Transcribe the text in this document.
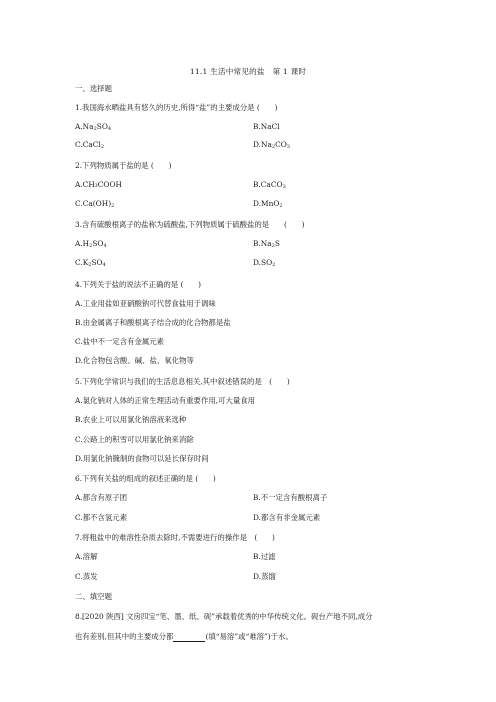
11.1 生活中常见的盐　第 1 课时
一、选择题
1.我国海水晒盐具有悠久的历史,所得“盐”的主要成分是 (　　)
$A.Na_2SO_4$	B.NaCl
C.CaCl$_2$	$D.Na_2CO_3$
2.下列物质属于盐的是 (　　)
A.CH₃COOH	B.CaCO$_3$
$C.Ca(OH)_2$	D.MnO$_2$
3.含有硫酸根离子的盐称为硫酸盐,下列物质属于硫酸盐的是　　(　　)
$A.H_2SO_4$	$B.Na_2S$
$C.K_2SO_4$	$D.SO_2$
4.下列关于盐的说法不正确的是 (　　)
A.工业用盐如亚硝酸钠可代替食盐用于调味
B.由金属离子和酸根离子结合成的化合物都是盐
C.盐中不一定含有金属元素
D.化合物包含酸、碱、盐、氧化物等
5.下列化学常识与我们的生活息息相关,其中叙述错误的是　(　　)
A.氯化钠对人体的正常生理活动有重要作用,可大量食用
B.农业上可以用氯化钠溶液来选种
C.公路上的积雪可以用氯化钠来消除
D.用氯化钠腌制的食物可以延长保存时间
6.下列有关盐的组成的叙述正确的是 (　　)
A.都含有原子团	B.不一定含有酸根离子
C.都不含氢元素	D.都含有非金属元素
7.将粗盐中的难溶性杂质去除时,不需要进行的操作是　(　　)
A.溶解	B.过滤
C.蒸发	D.蒸馏
二、填空题
8.[2020 陕西] 文房四宝“笔、墨、纸、砚”承载着优秀的中华传统文化。砚台产地不同,成分
也有差别,但其中的主要成分都	(填“易溶”或“难溶”)于水。
